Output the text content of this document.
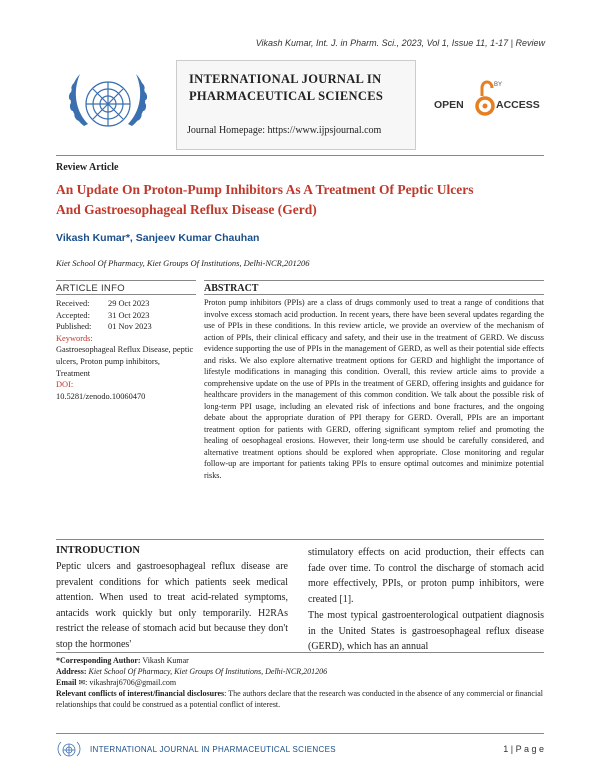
Vikash Kumar, Int. J. in Pharm. Sci., 2023, Vol 1, Issue 11, 1-17 | Review
INTERNATIONAL JOURNAL IN PHARMACEUTICAL SCIENCES
Journal Homepage: https://www.ijpsjournal.com
OPEN
BY
ACCESS
Review Article
An Update On Proton-Pump Inhibitors As A Treatment Of Peptic Ulcers And Gastroesophageal Reflux Disease (Gerd)
Vikash Kumar*, Sanjeev Kumar Chauhan
Kiet School Of Pharmacy, Kiet Groups Of Institutions, Delhi-NCR,201206
ARTICLE INFO	ABSTRACT
Received:	29 Oct 2023
Accepted:	31 Oct 2023
Published:	01 Nov 2023
Keywords:
Gastroesophageal Reflux Disease, peptic ulcers, Proton pump inhibitors, Treatment
DOI:
10.5281/zenodo.10060470
Proton pump inhibitors (PPIs) are a class of drugs commonly used to treat a range of conditions that involve excess stomach acid production. In recent years, there have been several updates regarding the use of PPIs in these conditions. In this review article, we provide an overview of the mechanism of action of PPIs, their clinical efficacy and safety, and their use in the treatment of GERD. We discuss evidence supporting the use of PPIs in the management of GERD, as well as their potential side effects and risks. We also explore alternative treatment options for GERD and highlight the importance of lifestyle modifications in managing this condition. Overall, this review article aims to provide a comprehensive update on the use of PPIs in the treatment of GERD, offering insights and guidance for healthcare providers in the management of this common condition. We talk about the possible risk of long-term PPI usage, including an elevated risk of infections and bone fractures, and the ongoing debate about the appropriate duration of PPI therapy for GERD. Overall, PPIs are an important treatment option for patients with GERD, offering significant symptom relief and promoting the healing of oesophageal erosions. However, their long-term use should be carefully considered, and alternative treatment options should be explored when appropriate. Close monitoring and regular follow-up are important for patients taking PPIs to ensure optimal outcomes and minimize potential risks.
INTRODUCTION
Peptic ulcers and gastroesophageal reflux disease are prevalent conditions for which patients seek medical attention. When used to treat acid-related symptoms, antacids work quickly but only temporarily. H2RAs restrict the release of stomach acid but because they don't stop the hormones'

stimulatory effects on acid production, their effects can fade over time. To control the discharge of stomach acid more effectively, PPIs, or proton pump inhibitors, were created [1].

The most typical gastroenterological outpatient diagnosis in the United States is gastroesophageal reflux disease (GERD), which has an annual

*Corresponding Author: Vikash Kumar
Address: Kiet School Of Pharmacy, Kiet Groups Of Institutions, Delhi-NCR,201206
Email ✉: vikashraj6706@gmail.com
Relevant conflicts of interest/financial disclosures: The authors declare that the research was conducted in the absence of any commercial or financial relationships that could be construed as a potential conflict of interest.
INTERNATIONAL JOURNAL IN PHARMACEUTICAL SCIENCES	1 | P a g e
